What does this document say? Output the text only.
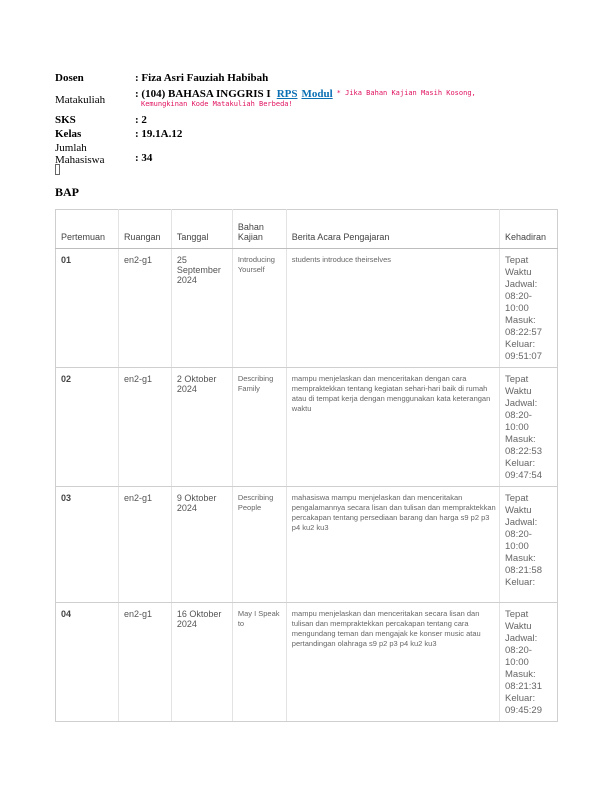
Dosen	: Fiza Asri Fauziah Habibah
Matakuliah	: (104) BAHASA INGGRIS I RPS Modul * Jika Bahan Kajian Masih Kosong,
Kemungkinan Kode Matakuliah Berbeda!
SKS	: 2
Kelas	: 19.1A.12
Jumlah
Mahasiswa	: 34
BAP
Pertemuan	Ruangan	Tanggal	Bahan
Kajian	Berita Acara Pengajaran	Kehadiran
01	en2-g1	25 September 2024	Introducing Yourself	students introduce theirselves	Tepat Waktu
Jadwal: 08:20-10:00
Masuk: 08:22:57
Keluar: 09:51:07

02	en2-g1	2 Oktober 2024	Describing Family	mampu menjelaskan dan menceritakan dengan cara mempraktekkan tentang kegiatan sehari-hari baik di rumah atau di tempat kerja dengan menggunakan kata keterangan waktu	Tepat Waktu
Jadwal: 08:20-10:00
Masuk: 08:22:53
Keluar: 09:47:54

03	en2-g1	9 Oktober 2024	Describing People	mahasiswa mampu menjelaskan dan menceritakan pengalamannya secara lisan dan tulisan dan mempraktekkan percakapan tentang persediaan barang dan harga s9 p2 p3 p4 ku2 ku3	Tepat Waktu
Jadwal: 08:20-10:00
Masuk: 08:21:58
Keluar:

04	en2-g1	16 Oktober 2024	May I Speak to	mampu menjelaskan dan menceritakan secara lisan dan tulisan dan mempraktekkan percakapan tentang cara mengundang teman dan mengajak ke konser music atau pertandingan olahraga s9 p2 p3 p4 ku2 ku3	Tepat Waktu
Jadwal: 08:20-10:00
Masuk: 08:21:31
Keluar: 09:45:29
